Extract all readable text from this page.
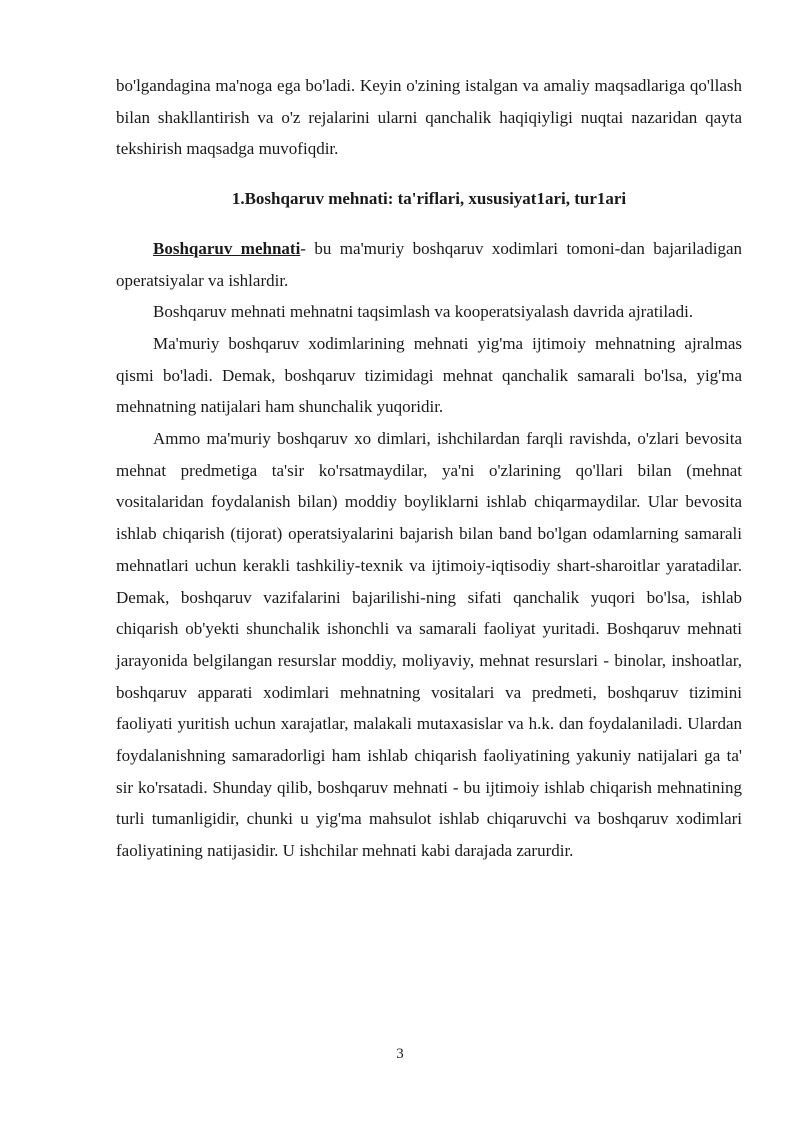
bo'lgandagina ma'noga ega bo'ladi. Keyin o'zining istalgan va amaliy maqsadlariga qo'llash bilan shakllantirish va o'z rejalarini ularni qanchalik haqiqiyligi nuqtai nazaridan qayta tekshirish maqsadga muvofiqdir.

1.Boshqaruv mehnati: ta'riflari, xususiyat1ari, tur1ari

Boshqaruv mehnati- bu ma'muriy boshqaruv xodimlari tomoni-dan bajariladigan operatsiyalar va ishlardir.

Boshqaruv mehnati mehnatni taqsimlash va kooperatsiyalash davrida ajratiladi.

Ma'muriy boshqaruv xodimlarining mehnati yig'ma ijtimoiy mehnatning ajralmas qismi bo'ladi. Demak, boshqaruv tizimidagi mehnat qanchalik samarali bo'lsa, yig'ma mehnatning natijalari ham shunchalik yuqoridir.

Ammo ma'muriy boshqaruv xo dimlari, ishchilardan farqli ravishda, o'zlari bevosita mehnat predmetiga ta'sir ko'rsatmaydilar, ya'ni o'zlarining qo'llari bilan (mehnat vositalaridan foydalanish bilan) moddiy boyliklarni ishlab chiqarmaydilar. Ular bevosita ishlab chiqarish (tijorat) operatsiyalarini bajarish bilan band bo'lgan odamlarning samarali mehnatlari uchun kerakli tashkiliy-texnik va ijtimoiy-iqtisodiy shart-sharoitlar yaratadilar. Demak, boshqaruv vazifalarini bajarilishi-ning sifati qanchalik yuqori bo'lsa, ishlab chiqarish ob'yekti shunchalik ishonchli va samarali faoliyat yuritadi. Boshqaruv mehnati jarayonida belgilangan resurslar moddiy, moliyaviy, mehnat resurslari - binolar, inshoatlar, boshqaruv apparati xodimlari mehnatning vositalari va predmeti, boshqaruv tizimini faoliyati yuritish uchun xarajatlar, malakali mutaxasislar va h.k. dan foydalaniladi. Ulardan foydalanishning samaradorligi ham ishlab chiqarish faoliyatining yakuniy natijalari ga ta' sir ko'rsatadi. Shunday qilib, boshqaruv mehnati - bu ijtimoiy ishlab chiqarish mehnatining turli tumanligidir, chunki u yig'ma mahsulot ishlab chiqaruvchi va boshqaruv xodimlari faoliyatining natijasidir. U ishchilar mehnati kabi darajada zarurdir.

3
